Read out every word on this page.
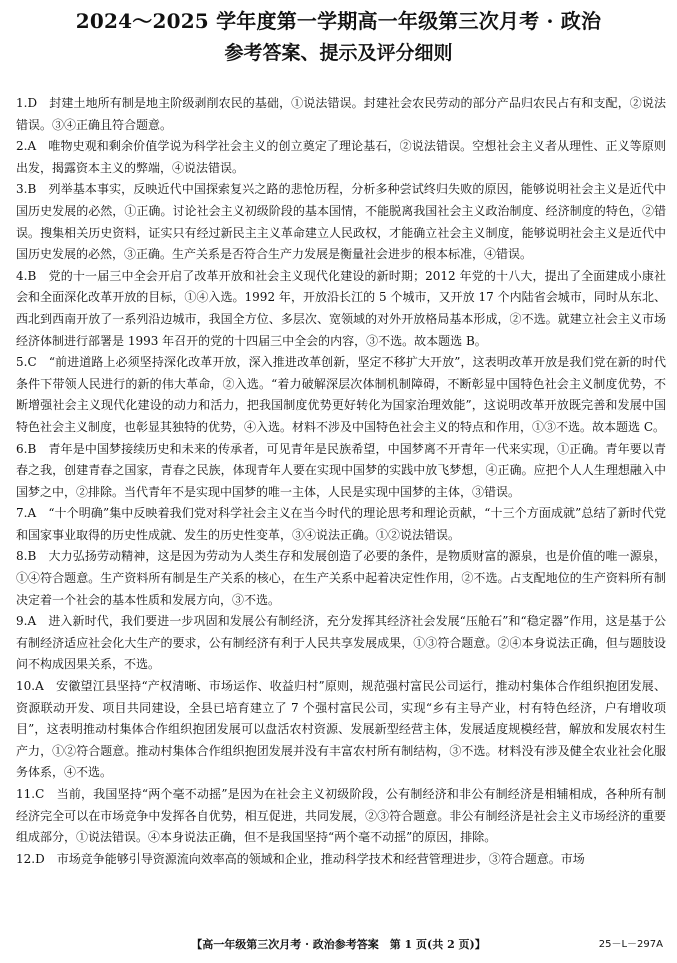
2024～2025 学年度第一学期高一年级第三次月考 · 政治
参考答案、提示及评分细则

1.D　 封建土地所有制是地主阶级剥削农民的基础，①说法错误。封建社会农民劳动的部分产品归农民占有和支配，②说法错误。③④正确且符合题意。

2.A　 唯物史观和剩余价值学说为科学社会主义的创立奠定了理论基石，②说法错误。空想社会主义者从理性、正义等原则出发，揭露资本主义的弊端，④说法错误。

3.B　 列举基本事实，反映近代中国探索复兴之路的悲怆历程，分析多种尝试终归失败的原因，能够说明社会主义是近代中国历史发展的必然，①正确。讨论社会主义初级阶段的基本国情，不能脱离我国社会主义政治制度、经济制度的特色，②错误。搜集相关历史资料，证实只有经过新民主主义革命建立人民政权，才能确立社会主义制度，能够说明社会主义是近代中国历史发展的必然，③正确。生产关系是否符合生产力发展是衡量社会进步的根本标准，④错误。

4.B　 党的十一届三中全会开启了改革开放和社会主义现代化建设的新时期；2012 年党的十八大，提出了全面建成小康社会和全面深化改革开放的目标，①④入选。1992 年，开放沿长江的 5 个城市，又开放 17 个内陆省会城市，同时从东北、西北到西南开放了一系列沿边城市，我国全方位、多层次、宽领域的对外开放格局基本形成，②不选。就建立社会主义市场经济体制进行部署是 1993 年召开的党的十四届三中全会的内容，③不选。故本题选 B。

5.C　 “前进道路上必须坚持深化改革开放，深入推进改革创新，坚定不移扩大开放”，这表明改革开放是我们党在新的时代条件下带领人民进行的新的伟大革命，②入选。“着力破解深层次体制机制障碍，不断彰显中国特色社会主义制度优势，不断增强社会主义现代化建设的动力和活力，把我国制度优势更好转化为国家治理效能”，这说明改革开放既完善和发展中国特色社会主义制度，也彰显其独特的优势，④入选。材料不涉及中国特色社会主义的特点和作用，①③不选。故本题选 C。

6.B　 青年是中国梦接续历史和未来的传承者，可见青年是民族希望，中国梦离不开青年一代来实现，①正确。青年要以青春之我，创建青春之国家，青春之民族，体现青年人要在实现中国梦的实践中放飞梦想，④正确。应把个人人生理想融入中国梦之中，②排除。当代青年不是实现中国梦的唯一主体，人民是实现中国梦的主体，③错误。

7.A　 “十个明确”集中反映着我们党对科学社会主义在当今时代的理论思考和理论贡献，“十三个方面成就”总结了新时代党和国家事业取得的历史性成就、发生的历史性变革，③④说法正确。①②说法错误。

8.B　 大力弘扬劳动精神，这是因为劳动为人类生存和发展创造了必要的条件，是物质财富的源泉，也是价值的唯一源泉，①④符合题意。生产资料所有制是生产关系的核心，在生产关系中起着决定性作用，②不选。占支配地位的生产资料所有制决定着一个社会的基本性质和发展方向，③不选。

9.A　 进入新时代，我们要进一步巩固和发展公有制经济，充分发挥其经济社会发展“压舱石”和“稳定器”作用，这是基于公有制经济适应社会化大生产的要求，公有制经济有利于人民共享发展成果，①③符合题意。②④本身说法正确，但与题肢设问不构成因果关系，不选。

10.A　 安徽望江县坚持“产权清晰、市场运作、收益归村”原则，规范强村富民公司运行，推动村集体合作组织抱团发展、资源联动开发、项目共同建设，全县已培育建立了 7 个强村富民公司，实现“乡有主导产业，村有特色经济，户有增收项目”，这表明推动村集体合作组织抱团发展可以盘活农村资源、发展新型经营主体，发展适度规模经营，解放和发展农村生产力，①②符合题意。推动村集体合作组织抱团发展并没有丰富农村所有制结构，③不选。材料没有涉及健全农业社会化服务体系，④不选。

11.C　 当前，我国坚持“两个毫不动摇”是因为在社会主义初级阶段，公有制经济和非公有制经济是相辅相成，各种所有制经济完全可以在市场竞争中发挥各自优势，相互促进，共同发展，②③符合题意。非公有制经济是社会主义市场经济的重要组成部分，①说法错误。④本身说法正确，但不是我国坚持“两个毫不动摇”的原因，排除。

12.D　 市场竞争能够引导资源流向效率高的领域和企业，推动科学技术和经营管理进步，③符合题意。市场

【高一年级第三次月考 · 政治参考答案　第 1 页(共 2 页)】	25－L－297A
